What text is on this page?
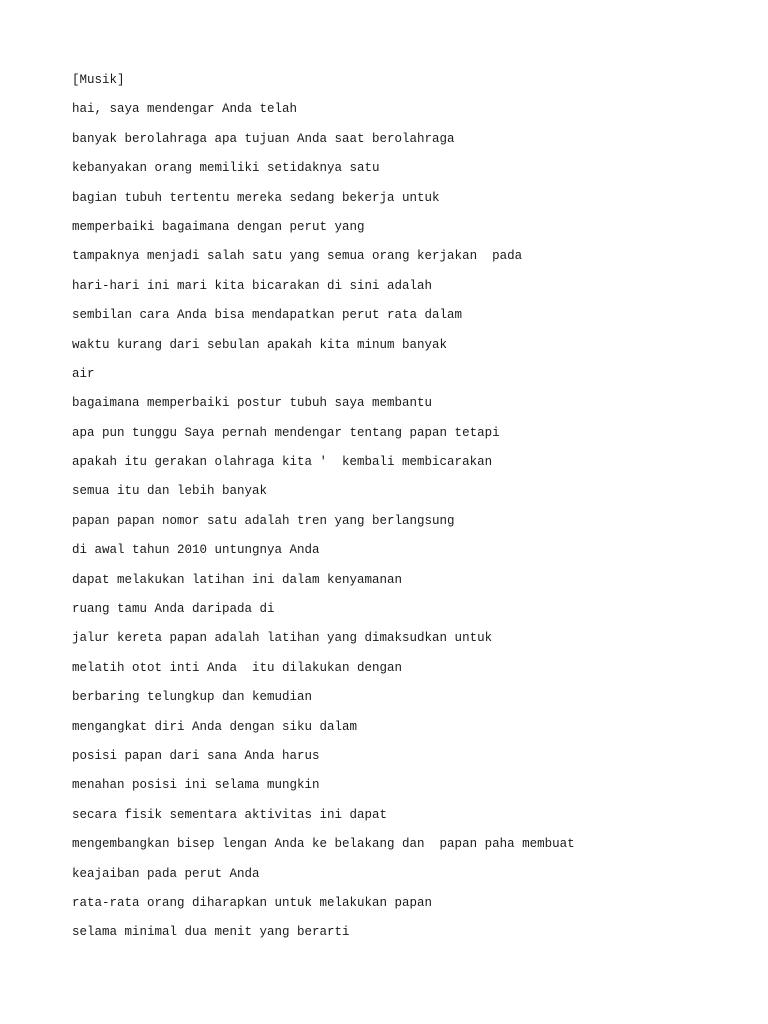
[Musik]
hai, saya mendengar Anda telah
banyak berolahraga apa tujuan Anda saat berolahraga
kebanyakan orang memiliki setidaknya satu
bagian tubuh tertentu mereka sedang bekerja untuk
memperbaiki bagaimana dengan perut yang
tampaknya menjadi salah satu yang semua orang kerjakan  pada
hari-hari ini mari kita bicarakan di sini adalah
sembilan cara Anda bisa mendapatkan perut rata dalam
waktu kurang dari sebulan apakah kita minum banyak
air
bagaimana memperbaiki postur tubuh saya membantu
apa pun tunggu Saya pernah mendengar tentang papan tetapi
apakah itu gerakan olahraga kita '  kembali membicarakan
semua itu dan lebih banyak
papan papan nomor satu adalah tren yang berlangsung
di awal tahun 2010 untungnya Anda
dapat melakukan latihan ini dalam kenyamanan
ruang tamu Anda daripada di
jalur kereta papan adalah latihan yang dimaksudkan untuk
melatih otot inti Anda  itu dilakukan dengan
berbaring telungkup dan kemudian
mengangkat diri Anda dengan siku dalam
posisi papan dari sana Anda harus
menahan posisi ini selama mungkin
secara fisik sementara aktivitas ini dapat
mengembangkan bisep lengan Anda ke belakang dan  papan paha membuat
keajaiban pada perut Anda
rata-rata orang diharapkan untuk melakukan papan
selama minimal dua menit yang berarti
